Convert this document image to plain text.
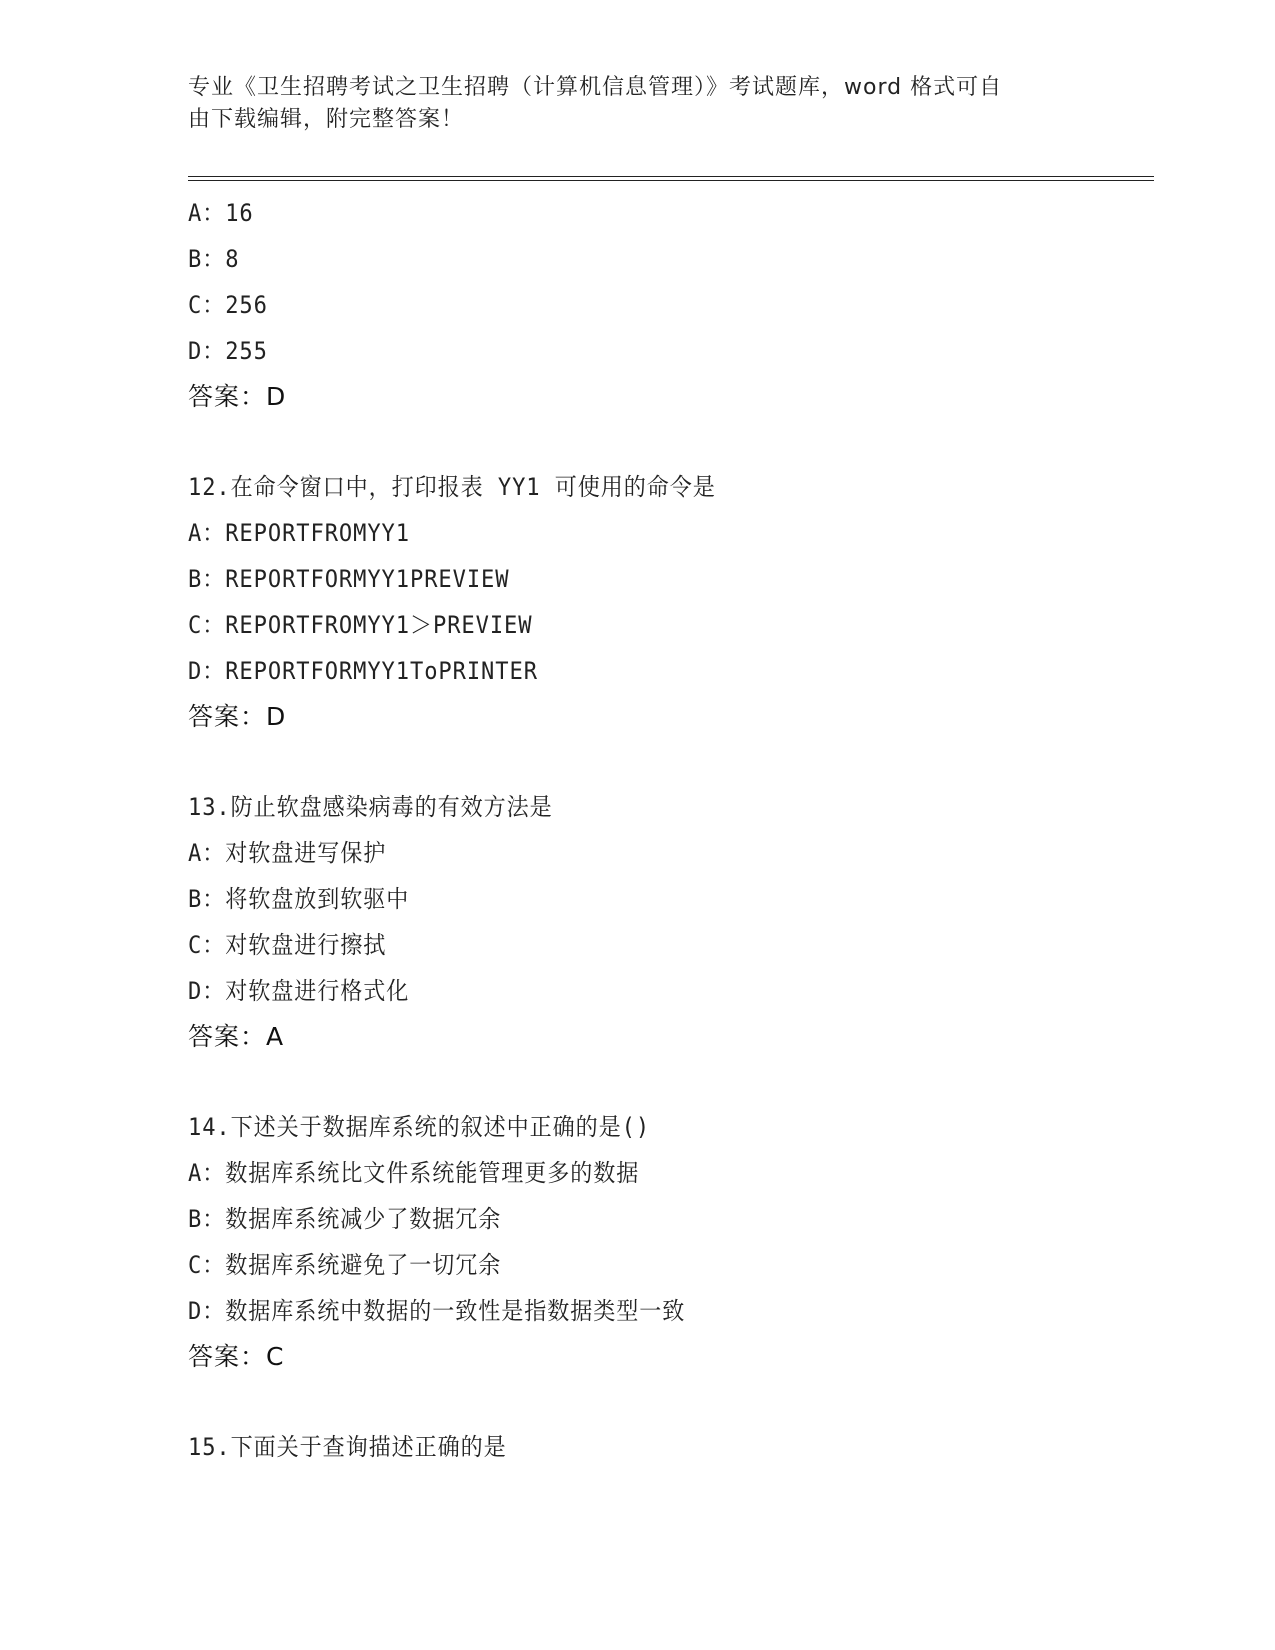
专业《卫生招聘考试之卫生招聘（计算机信息管理）》考试题库，word 格式可自

由下载编辑，附完整答案！

A：16
B：8
C：256
D：255
答案：D
12.在命令窗口中，打印报表 YY1 可使用的命令是
A：REPORTFROMYY1
B：REPORTFORMYY1PREVIEW
C：REPORTFROMYY1＞PREVIEW
D：REPORTFORMYY1ToPRINTER
答案：D
13.防止软盘感染病毒的有效方法是
A：对软盘进写保护
B：将软盘放到软驱中
C：对软盘进行擦拭
D：对软盘进行格式化
答案：A
14.下述关于数据库系统的叙述中正确的是()
A：数据库系统比文件系统能管理更多的数据
B：数据库系统减少了数据冗余
C：数据库系统避免了一切冗余
D：数据库系统中数据的一致性是指数据类型一致
答案：C
15.下面关于查询描述正确的是
